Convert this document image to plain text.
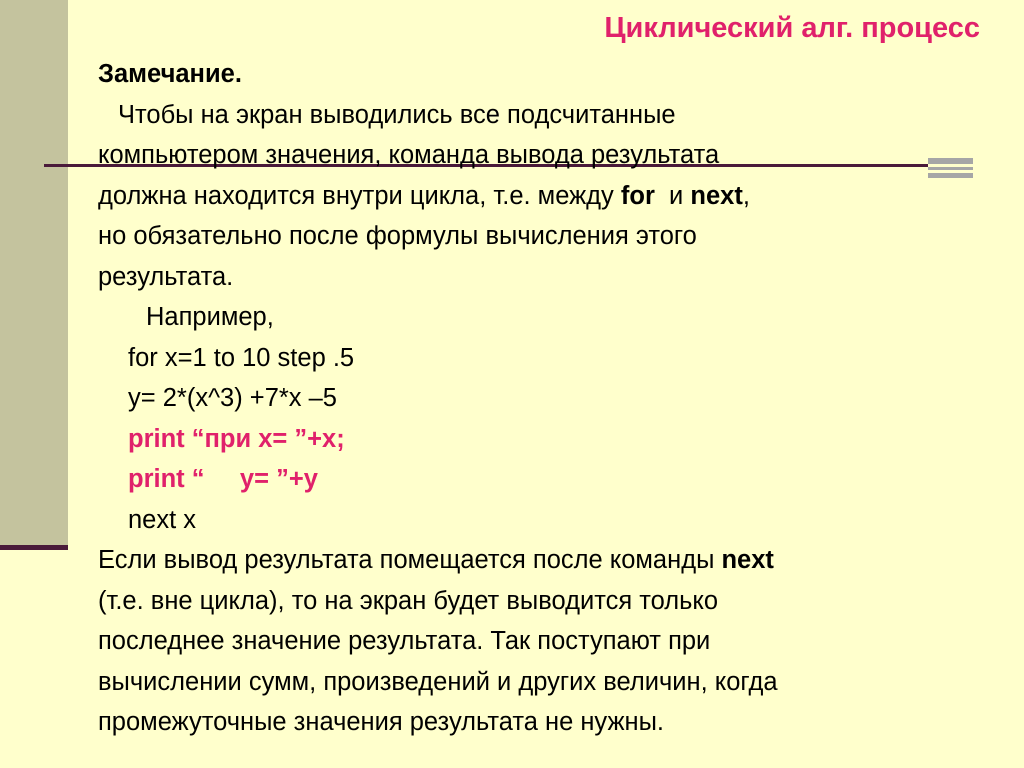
Циклический алг. процесс
Замечание.
Чтобы на экран выводились все подсчитанные
компьютером значения, команда вывода результата
должна находится внутри цикла, т.е. между for  и next,
но обязательно после формулы вычисления этого
результата.
Например,
for x=1 to 10 step .5
y= 2*(x^3) +7*x –5
print “при x= ”+x;
print “     y= ”+y
next x
Если вывод результата помещается после команды next
(т.е. вне цикла), то на экран будет выводится только
последнее значение результата. Так поступают при
вычислении сумм, произведений и других величин, когда
промежуточные значения результата не нужны.
